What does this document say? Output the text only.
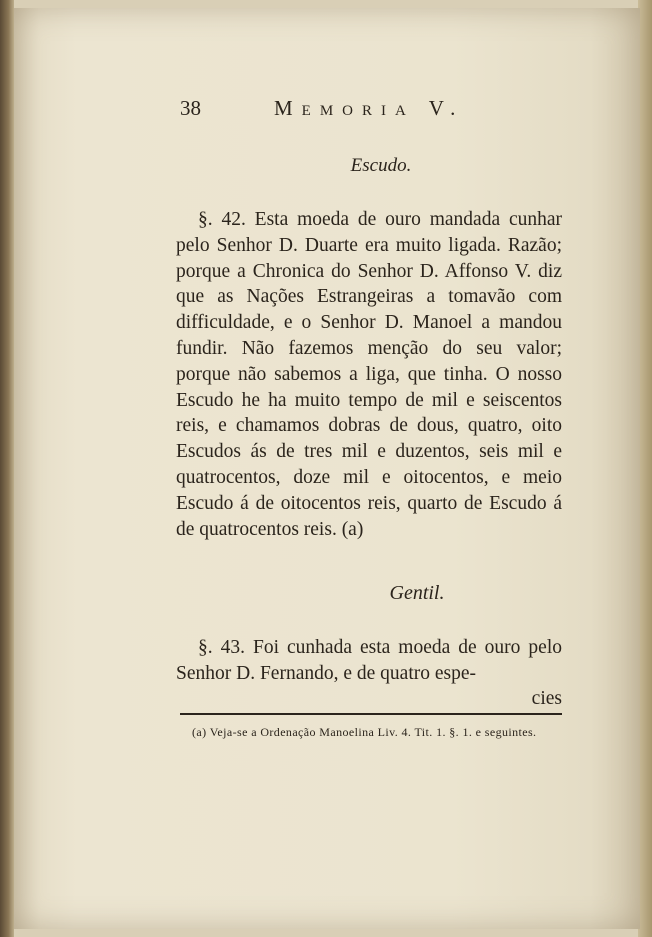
38	Memoria V.
Escudo.

§. 42. Esta moeda de ouro mandada cunhar pelo Senhor D. Duarte era muito ligada. Razão; porque a Chronica do Senhor D. Affonso V. diz que as Nações Estrangeiras a tomavão com difficuldade, e o Senhor D. Manoel a mandou fundir. Não fazemos menção do seu valor; porque não sabemos a liga, que tinha. O nosso Escudo he ha muito tempo de mil e seiscentos reis, e chamamos dobras de dous, quatro, oito Escudos ás de tres mil e duzentos, seis mil e quatrocentos, doze mil e oitocentos, e meio Escudo á de oitocentos reis, quarto de Escudo á de quatrocentos reis. (a)

Gentil.

§. 43. Foi cunhada esta moeda de ouro pelo Senhor D. Fernando, e de quatro espe-

cies

(a) Veja-se a Ordenação Manoelina Liv. 4. Tit. 1. §. 1. e seguintes.
